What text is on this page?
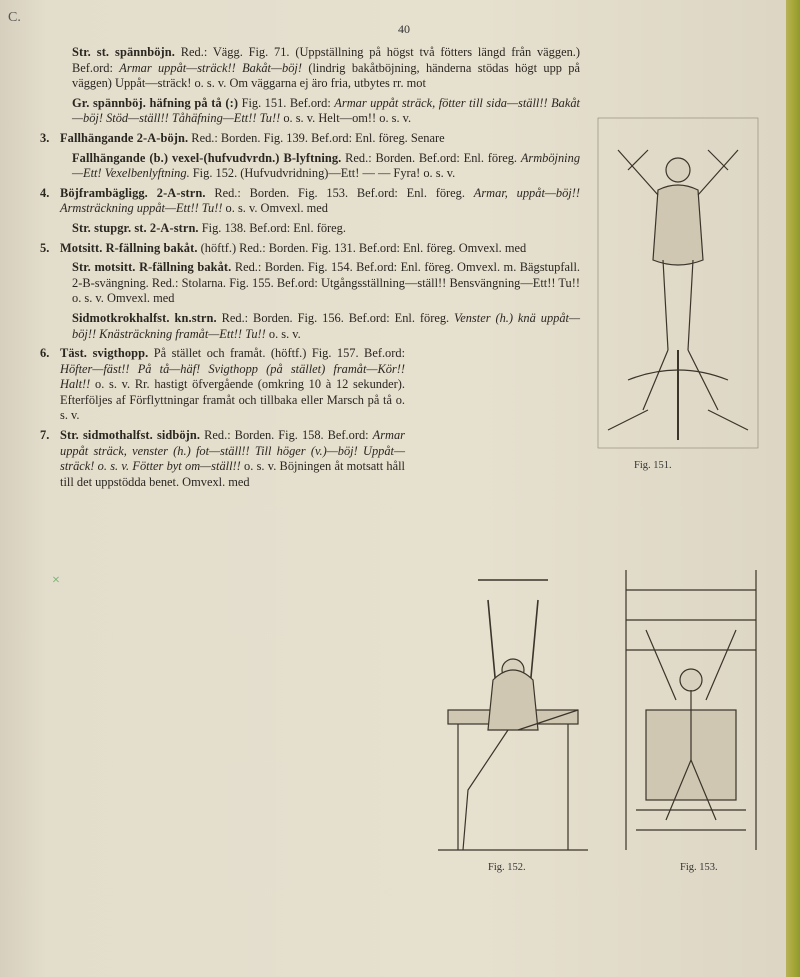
C.
40
×

Str. st. spännböjn. Red.: Vägg. Fig. 71. (Uppställning på högst två fötters längd från väggen.) Bef.ord: Armar uppåt—sträck!! Bakåt—böj! (lindrig bakåtböjning, händerna stödas högt upp på väggen) Uppåt—sträck! o. s. v. Om väggarna ej äro fria, utbytes rr. mot

Gr. spännböj. häfning på tå (:) Fig. 151. Bef.ord: Armar uppåt sträck, fötter till sida—ställ!! Bakåt—böj! Stöd—ställ!! Tåhäfning—Ett!! Tu!! o. s. v. Helt—om!! o. s. v.

3. Fallhängande 2-A-böjn. Red.: Borden. Fig. 139. Bef.ord: Enl. föreg. Senare

Fallhängande (b.) vexel-(hufvudvrdn.) B-lyftning. Red.: Borden. Bef.ord: Enl. föreg. Armböjning—Ett! Vexelbenlyftning. Fig. 152. (Hufvudvridning)—Ett! — — Fyra! o. s. v.

4. Böjframbägligg. 2-A-strn. Red.: Borden. Fig. 153. Bef.ord: Enl. föreg. Armar, uppåt—böj!! Armsträckning uppåt—Ett!! Tu!! o. s. v. Omvexl. med

Str. stupgr. st. 2-A-strn. Fig. 138. Bef.ord: Enl. föreg.

5. Motsitt. R-fällning bakåt. (höftf.) Red.: Borden. Fig. 131. Bef.ord: Enl. föreg. Omvexl. med

Str. motsitt. R-fällning bakåt. Red.: Borden. Fig. 154. Bef.ord: Enl. föreg. Omvexl. m. Bägstupfall. 2-B-svängning. Red.: Stolarna. Fig. 155. Bef.ord: Utgångsställning—ställ!! Bensvängning—Ett!! Tu!! o. s. v. Omvexl. med

Sidmotkrokhalfst. kn.strn. Red.: Borden. Fig. 156. Bef.ord: Enl. föreg. Venster (h.) knä uppåt—böj!! Knästräckning framåt—Ett!! Tu!! o. s. v.

6. Täst. svigthopp. På stället och framåt. (höftf.) Fig. 157. Bef.ord: Höfter—fäst!! På tå—häf! Svigthopp (på stället) framåt—Kör!! Halt!! o. s. v. Rr. hastigt öfvergående (omkring 10 à 12 sekunder). Efterföljes af Förflyttningar framåt och tillbaka eller Marsch på tå o. s. v.

7. Str. sidmothalfst. sidböjn. Red.: Borden. Fig. 158. Bef.ord: Armar uppåt sträck, venster (h.) fot—ställ!! Till höger (v.)—böj! Uppåt—sträck! o. s. v. Fötter byt om—ställ!! o. s. v. Böjningen åt motsatt håll till det uppstödda benet. Omvexl. med

Fig. 151.
Fig. 152.	Fig. 153.
